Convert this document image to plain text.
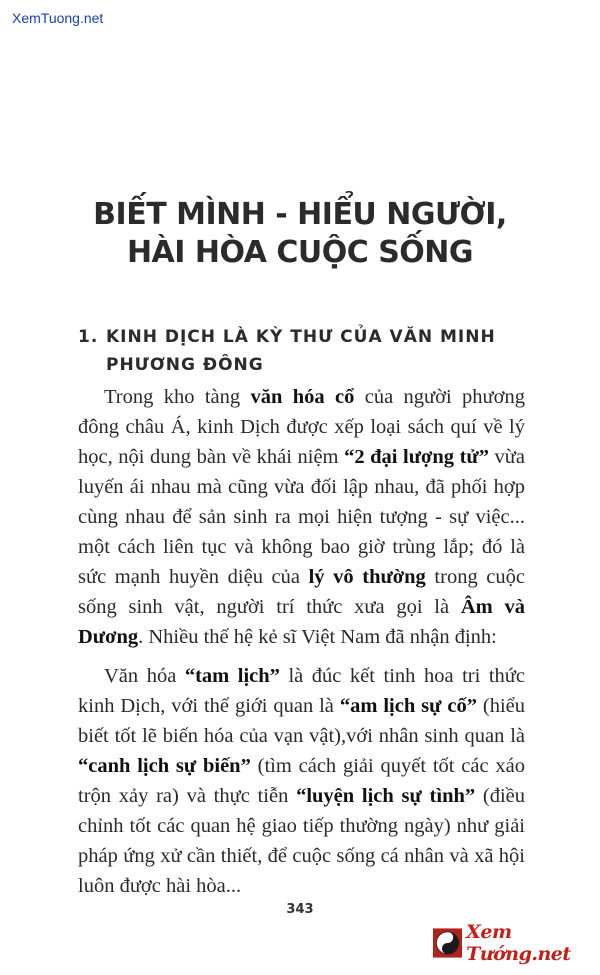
XemTuong.net
BIẾT MÌNH - HIỂU NGƯỜI,
HÀI HÒA CUỘC SỐNG
1. KINH DỊCH LÀ KỲ THƯ CỦA VĂN MINH
PHƯƠNG ĐÔNG

Trong kho tàng văn hóa cổ của người phương đông châu Á, kinh Dịch được xếp loại sách quí về lý học, nội dung bàn về khái niệm “2 đại lượng tử” vừa luyến ái nhau mà cũng vừa đối lập nhau, đã phối hợp cùng nhau để sản sinh ra mọi hiện tượng - sự việc... một cách liên tục và không bao giờ trùng lắp; đó là sức mạnh huyền diệu của lý vô thường trong cuộc sống sinh vật, người trí thức xưa gọi là Âm và Dương. Nhiều thế hệ kẻ sĩ Việt Nam đã nhận định:

Văn hóa “tam lịch” là đúc kết tinh hoa tri thức kinh Dịch, với thế giới quan là “am lịch sự cố” (hiểu biết tốt lẽ biến hóa của vạn vật),với nhân sinh quan là “canh lịch sự biến” (tìm cách giải quyết tốt các xáo trộn xảy ra) và thực tiễn “luyện lịch sự tình” (điều chỉnh tốt các quan hệ giao tiếp thường ngày) như giải pháp ứng xử cần thiết, để cuộc sống cá nhân và xã hội luôn được hài hòa...

343
Xem Tướng.net
